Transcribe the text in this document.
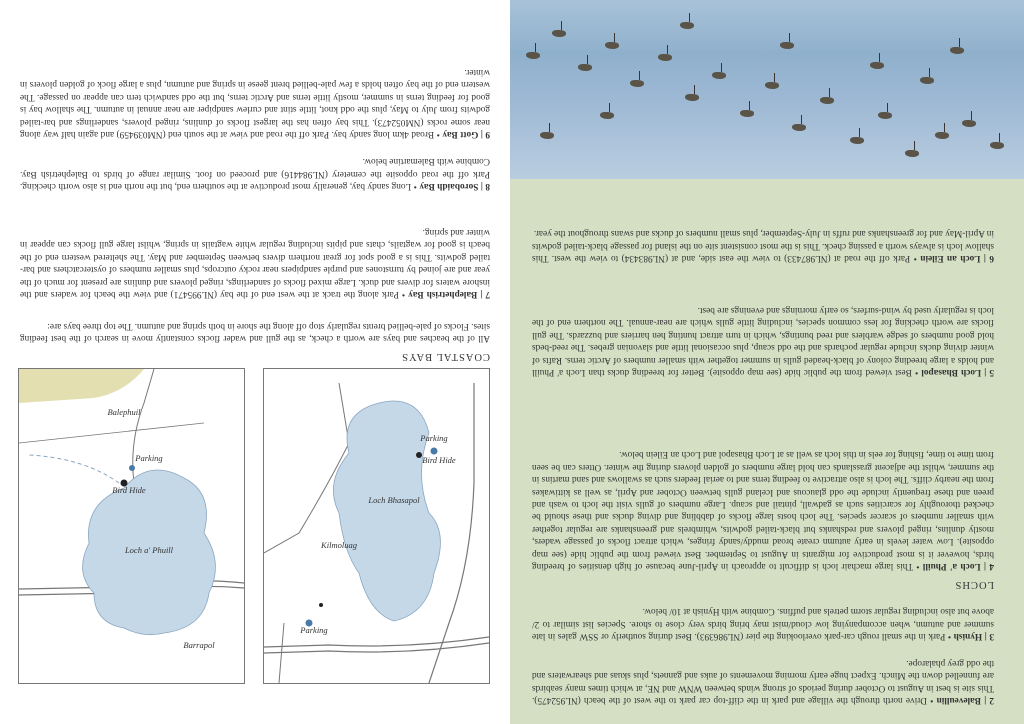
2 | Baleveullin • Drive north through the village and park in the cliff-top car park to the west of the beach (NL952475). This site is best in August to October during periods of strong winds between WNW and NE, at which times many seabirds are funnelled down the Minch. Expect huge early morning movements of auks and gannets, plus skuas and shearwaters and the odd grey phalarope.
3 | Hynish • Park in the small rough car-park overlooking the pier (NL986393). Best during southerly or SSW gales in late summer and autumn, when accompanying low cloud/mist may bring birds very close to shore. Species list similar to 2/ above but also including regular storm petrels and puffins. Combine with Hynish at 10/ below.
LOCHS
4 | Loch a' Phuill • This large machair loch is difficult to approach in April-June because of high densities of breeding birds, however it is most productive for migrants in August to September. Best viewed from the public hide (see map opposite). Low water levels in early autumn create broad muddy/sandy fringes, which attract flocks of passage waders, mostly dunlins, ringed plovers and redshanks but black-tailed godwits, whimbrels and greenshanks are regular together with smaller numbers of scarcer species. The loch hosts large flocks of dabbling and diving ducks and these should be checked thoroughly for scarcities such as gadwall, pintail and scaup. Large numbers of gulls visit the loch to wash and preen and these frequently include the odd glaucous and Iceland gulls between October and April, as well as kittiwakes from the nearby cliffs. The loch is also attractive to feeding terns and to aerial feeders such as swallows and sand martins in the summer, whilst the adjacent grasslands can hold large numbers of golden plovers during the winter. Otters can be seen from time to time, fishing for eels in this loch as well as at Loch Bhasapol and Loch an Eilein below.
5 | Loch Bhasapol • Best viewed from the public hide (see map opposite). Better for breeding ducks than Loch a' Phuill and holds a large breeding colony of black-headed gulls in summer together with smaller numbers of Arctic terns. Rafts of winter diving ducks include regular pochards and the odd scaup, plus occasional little and slavonian grebes. The reed-beds hold good numbers of sedge warblers and reed buntings, which in turn attract hunting hen harriers and buzzards. The gull flocks are worth checking for less common species, including little gulls which are near-annual. The northern end of the loch is regularly used by wind-surfers, so early mornings and evenings are best.
6 | Loch an Eilein • Park off the road at (NL987433) to view the east side, and at (NL983434) to view the west. This shallow loch is always worth a passing check. This is the most consistent site on the island for passage black-tailed godwits in April-May and for greenshanks and ruffs in July-September, plus small numbers of ducks and swans throughout the year.
Loch Bhasapol
Bird Hide
Parking
Parking
Kilmoluag
Loch a' Phuill
Bird Hide
Parking
Balephuil
Barrapol
COASTAL BAYS
All of the beaches and bays are worth a check, as the gull and wader flocks constantly move in search of the best feeding sites. Flocks of pale-bellied brents regularly stop off along the shore in both spring and autumn. The top three bays are:
7 | Balephetrish Bay • Park along the track at the west end of the bay (NL995471) and view the beach for waders and the inshore waters for divers and duck. Large mixed flocks of sanderlings, ringed plovers and dunlins are present for much of the year and are joined by turnstones and purple sandpipers near rocky outcrops, plus smaller numbers of oystercatchers and bar-tailed godwits. This is a good spot for great northern divers between September and May. The sheltered western end of the beach is good for wagtails, chats and pipits including regular white wagtails in spring, whilst large gull flocks can appear in winter and spring.
8 | Sorobaidh Bay • Long sandy bay, generally most productive at the southern end, but the north end is also worth checking. Park off the road opposite the cemetery (NL984416) and proceed on foot. Similar range of birds to Balephetrish Bay. Combine with Balemartine below.
9 | Gott Bay • Broad 4km long sandy bay. Park off the road and view at the south end (NM039459) and again half way along near some rocks (NM052473). This bay often has the largest flocks of dunlins, ringed plovers, sanderlings and bar-tailed godwits from July to May, plus the odd knot, little stint and curlew sandpiper are near annual in autumn. The shallow bay is good for feeding terns in summer, mostly little terns and Arctic terns, but the odd sandwich tern can appear on passage. The western end of the bay often holds a few pale-bellied brent geese in spring and autumn, plus a large flock of golden plovers in winter.
